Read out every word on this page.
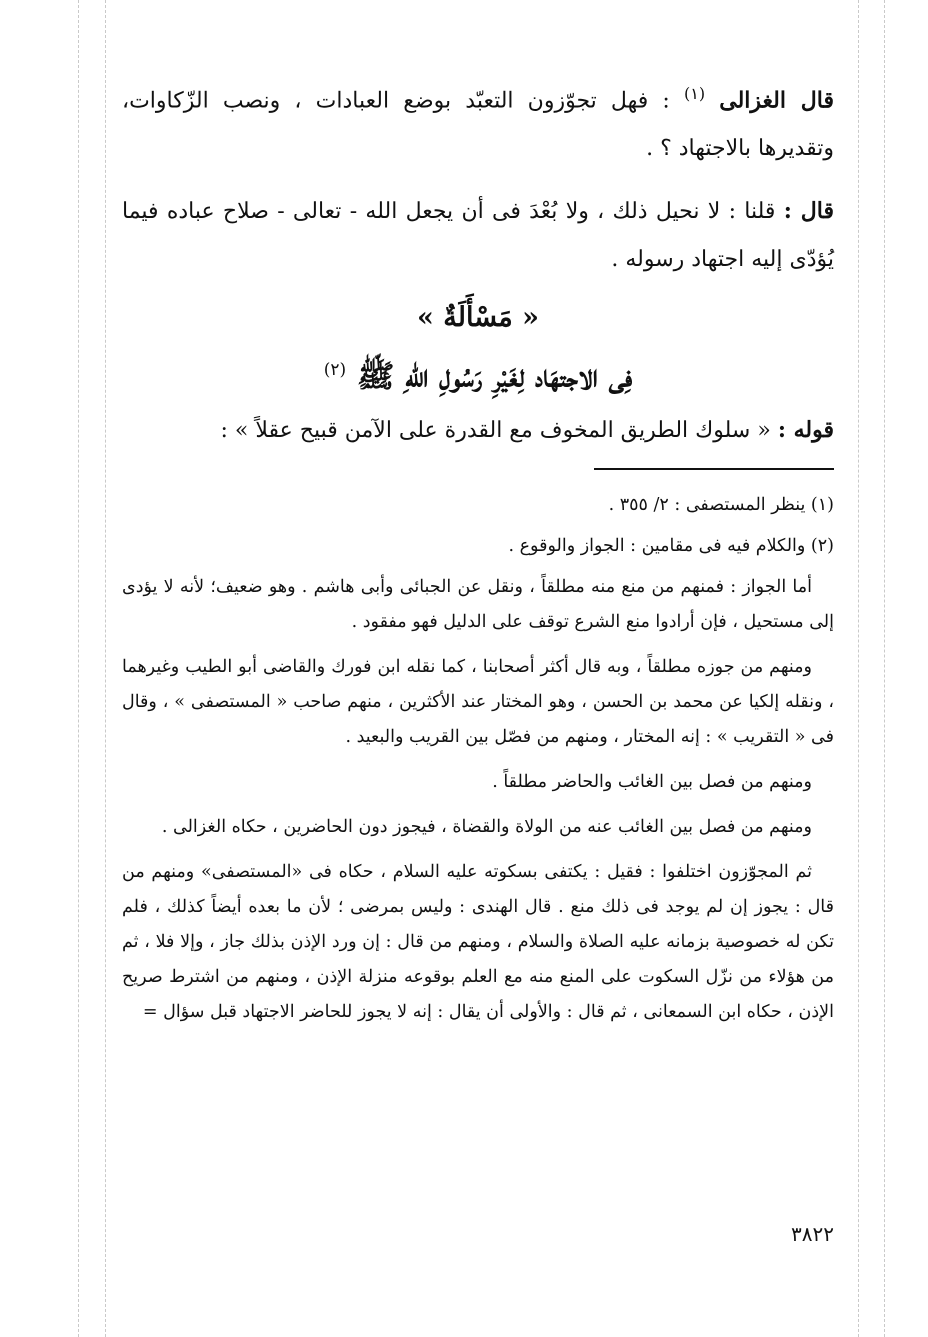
قال الغزالى $^{(١)}$ : فهل تجوّزون التعبّد بوضع العبادات ، ونصب الزّكاوات، وتقديرها بالاجتهاد ؟ .

قال : قلنا : لا نحيل ذلك ، ولا بُعْدَ فى أن يجعل الله - تعالى - صلاح عباده فيما يُؤدّى إليه اجتهاد رسوله .

« مَسْأَلَةٌ »
فِى الاجتهَاد لِغَيْرِ رَسُولِ اللهِ ﷺ $^{(٢)}$

قوله : « سلوك الطريق المخوف مع القدرة على الآمن قبيح عقلاً » :

(١) ينظر المستصفى : ٢/ ٣٥٥ .

(٢) والكلام فيه فى مقامين : الجواز والوقوع .

أما الجواز : فمنهم من منع منه مطلقاً ، ونقل عن الجبائى وأبى هاشم . وهو ضعيف؛ لأنه لا يؤدى إلى مستحيل ، فإن أرادوا منع الشرع توقف على الدليل فهو مفقود .

ومنهم من جوزه مطلقاً ، وبه قال أكثر أصحابنا ، كما نقله ابن فورك والقاضى أبو الطيب وغيرهما ، ونقله إلكيا عن محمد بن الحسن ، وهو المختار عند الأكثرين ، منهم صاحب « المستصفى » ، وقال فى « التقريب » : إنه المختار ، ومنهم من فصّل بين القريب والبعيد .

ومنهم من فصل بين الغائب والحاضر مطلقاً .

ومنهم من فصل بين الغائب عنه من الولاة والقضاة ، فيجوز دون الحاضرين ، حكاه الغزالى .

ثم المجوّزون اختلفوا : فقيل : يكتفى بسكوته عليه السلام ، حكاه فى «المستصفى» ومنهم من قال : يجوز إن لم يوجد فى ذلك منع . قال الهندى : وليس بمرضى ؛ لأن ما بعده أيضاً كذلك ، فلم تكن له خصوصية بزمانه عليه الصلاة والسلام ، ومنهم من قال : إن ورد الإذن بذلك جاز ، وإلا فلا ، ثم من هؤلاء من نزّل السكوت على المنع منه مع العلم بوقوعه منزلة الإذن ، ومنهم من اشترط صريح الإذن ، حكاه ابن السمعانى ، ثم قال : والأولى أن يقال : إنه لا يجوز للحاضر الاجتهاد قبل سؤال =

٣٨٢٢
